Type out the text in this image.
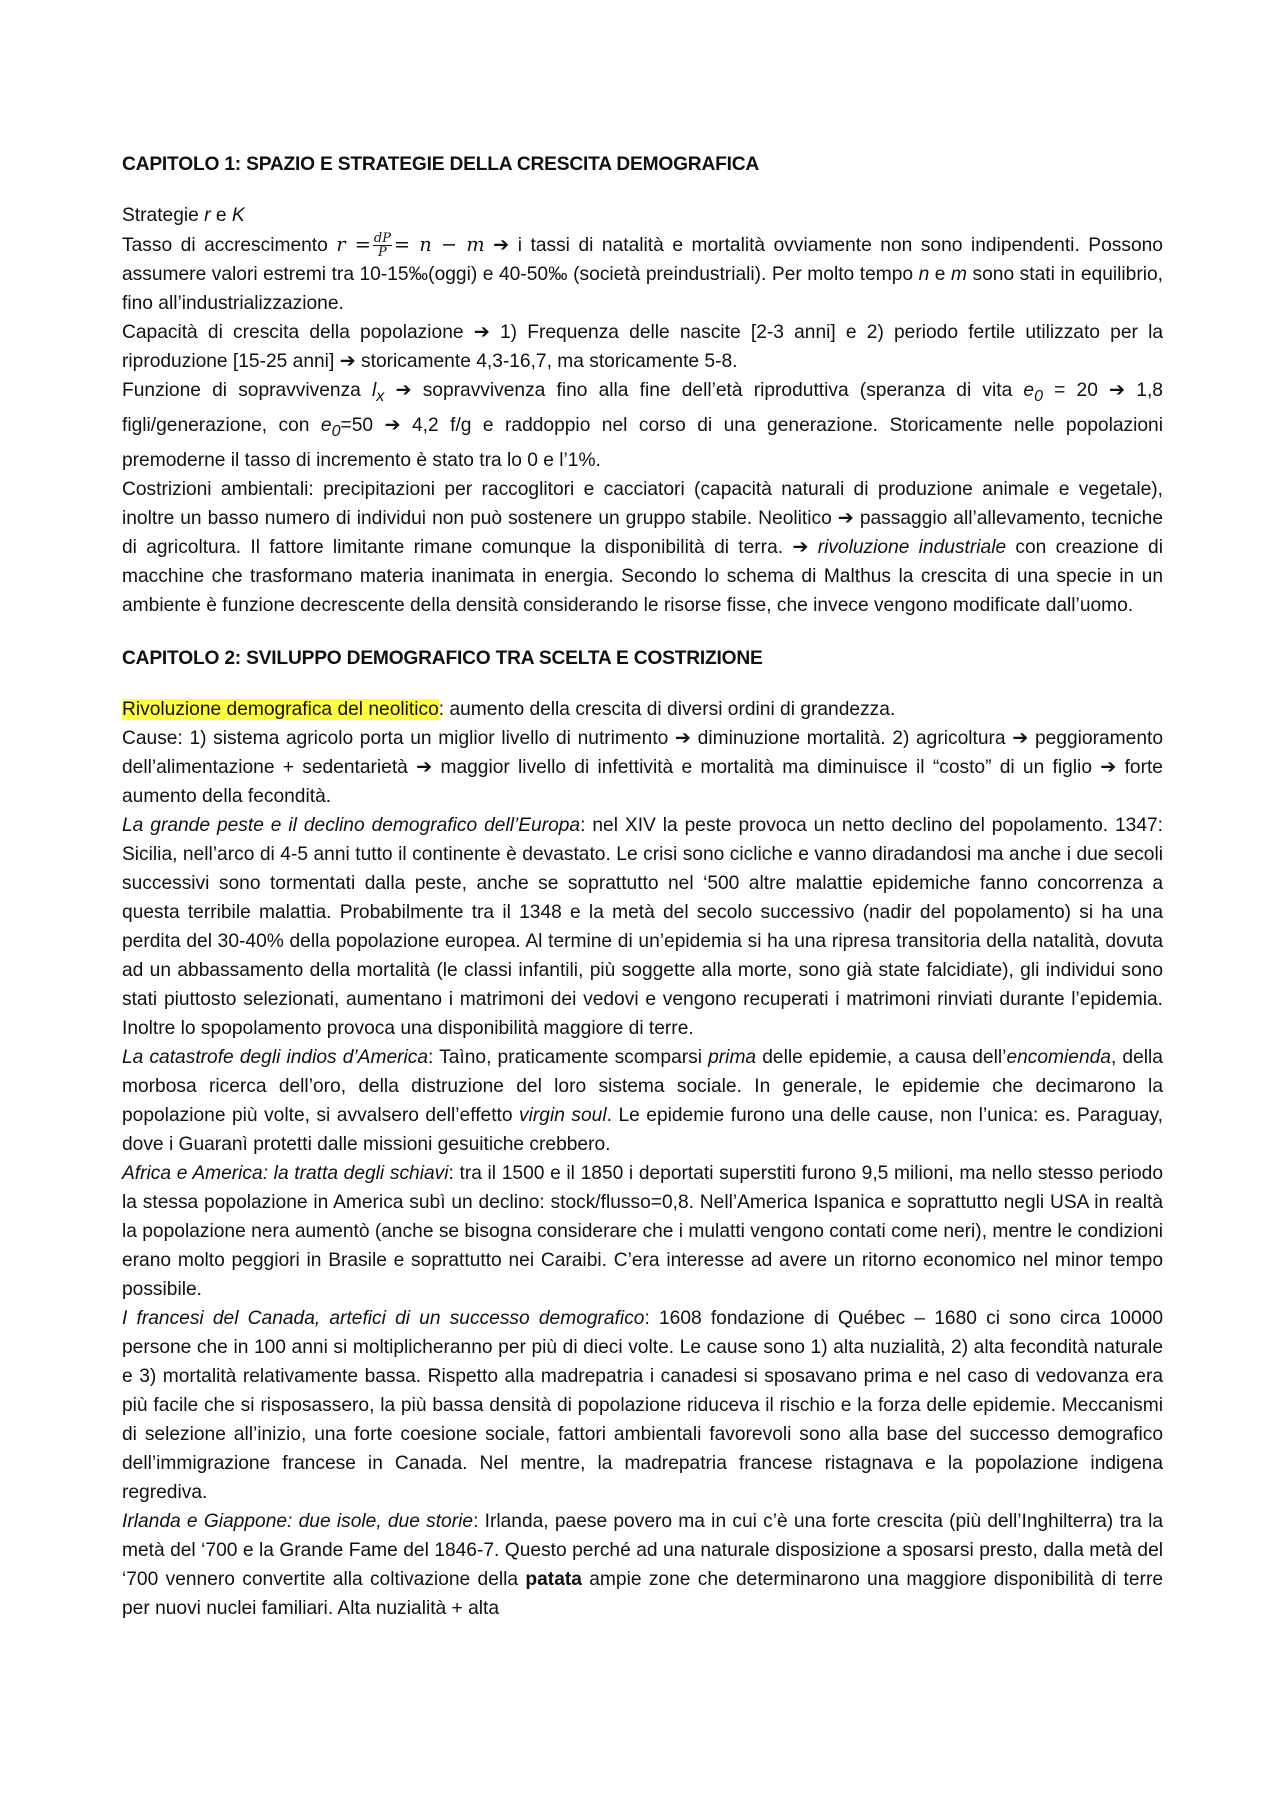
CAPITOLO 1: SPAZIO E STRATEGIE DELLA CRESCITA DEMOGRAFICA

Strategie r e K

Tasso di accrescimento $r = \frac{dP}{P} = n - m$ ➔ i tassi di natalità e mortalità ovviamente non sono indipendenti. Possono assumere valori estremi tra 10-15‰(oggi) e 40-50‰ (società preindustriali). Per molto tempo n e m sono stati in equilibrio, fino all’industrializzazione.

Capacità di crescita della popolazione ➔ 1) Frequenza delle nascite [2-3 anni] e 2) periodo fertile utilizzato per la riproduzione [15-25 anni] ➔ storicamente 4,3-16,7, ma storicamente 5-8.

Funzione di sopravvivenza $l_x$ ➔ sopravvivenza fino alla fine dell’età riproduttiva (speranza di vita $e_0 = 20$ ➔ 1,8 figli/generazione, con $e_0=50$ ➔ 4,2 f/g e raddoppio nel corso di una generazione. Storicamente nelle popolazioni premoderne il tasso di incremento è stato tra lo 0 e l’1%.

Costrizioni ambientali: precipitazioni per raccoglitori e cacciatori (capacità naturali di produzione animale e vegetale), inoltre un basso numero di individui non può sostenere un gruppo stabile. Neolitico ➔ passaggio all’allevamento, tecniche di agricoltura. Il fattore limitante rimane comunque la disponibilità di terra. ➔ rivoluzione industriale con creazione di macchine che trasformano materia inanimata in energia. Secondo lo schema di Malthus la crescita di una specie in un ambiente è funzione decrescente della densità considerando le risorse fisse, che invece vengono modificate dall’uomo.

CAPITOLO 2: SVILUPPO DEMOGRAFICO TRA SCELTA E COSTRIZIONE

Rivoluzione demografica del neolitico: aumento della crescita di diversi ordini di grandezza.

Cause: 1) sistema agricolo porta un miglior livello di nutrimento ➔ diminuzione mortalità. 2) agricoltura ➔ peggioramento dell’alimentazione + sedentarietà ➔ maggior livello di infettività e mortalità ma diminuisce il “costo” di un figlio ➔ forte aumento della fecondità.

La grande peste e il declino demografico dell’Europa: nel XIV la peste provoca un netto declino del popolamento. 1347: Sicilia, nell’arco di 4-5 anni tutto il continente è devastato. Le crisi sono cicliche e vanno diradandosi ma anche i due secoli successivi sono tormentati dalla peste, anche se soprattutto nel ‘500 altre malattie epidemiche fanno concorrenza a questa terribile malattia. Probabilmente tra il 1348 e la metà del secolo successivo (nadir del popolamento) si ha una perdita del 30-40% della popolazione europea. Al termine di un’epidemia si ha una ripresa transitoria della natalità, dovuta ad un abbassamento della mortalità (le classi infantili, più soggette alla morte, sono già state falcidiate), gli individui sono stati piuttosto selezionati, aumentano i matrimoni dei vedovi e vengono recuperati i matrimoni rinviati durante l’epidemia. Inoltre lo spopolamento provoca una disponibilità maggiore di terre.

La catastrofe degli indios d’America: Taìno, praticamente scomparsi prima delle epidemie, a causa dell’encomienda, della morbosa ricerca dell’oro, della distruzione del loro sistema sociale. In generale, le epidemie che decimarono la popolazione più volte, si avvalsero dell’effetto virgin soul. Le epidemie furono una delle cause, non l’unica: es. Paraguay, dove i Guaranì protetti dalle missioni gesuitiche crebbero.

Africa e America: la tratta degli schiavi: tra il 1500 e il 1850 i deportati superstiti furono 9,5 milioni, ma nello stesso periodo la stessa popolazione in America subì un declino: stock/flusso=0,8. Nell’America Ispanica e soprattutto negli USA in realtà la popolazione nera aumentò (anche se bisogna considerare che i mulatti vengono contati come neri), mentre le condizioni erano molto peggiori in Brasile e soprattutto nei Caraibi. C’era interesse ad avere un ritorno economico nel minor tempo possibile.

I francesi del Canada, artefici di un successo demografico: 1608 fondazione di Québec – 1680 ci sono circa 10000 persone che in 100 anni si moltiplicheranno per più di dieci volte. Le cause sono 1) alta nuzialità, 2) alta fecondità naturale e 3) mortalità relativamente bassa. Rispetto alla madrepatria i canadesi si sposavano prima e nel caso di vedovanza era più facile che si risposassero, la più bassa densità di popolazione riduceva il rischio e la forza delle epidemie. Meccanismi di selezione all’inizio, una forte coesione sociale, fattori ambientali favorevoli sono alla base del successo demografico dell’immigrazione francese in Canada. Nel mentre, la madrepatria francese ristagnava e la popolazione indigena regrediva.

Irlanda e Giappone: due isole, due storie: Irlanda, paese povero ma in cui c’è una forte crescita (più dell’Inghilterra) tra la metà del ‘700 e la Grande Fame del 1846-7. Questo perché ad una naturale disposizione a sposarsi presto, dalla metà del ‘700 vennero convertite alla coltivazione della patata ampie zone che determinarono una maggiore disponibilità di terre per nuovi nuclei familiari. Alta nuzialità + alta
